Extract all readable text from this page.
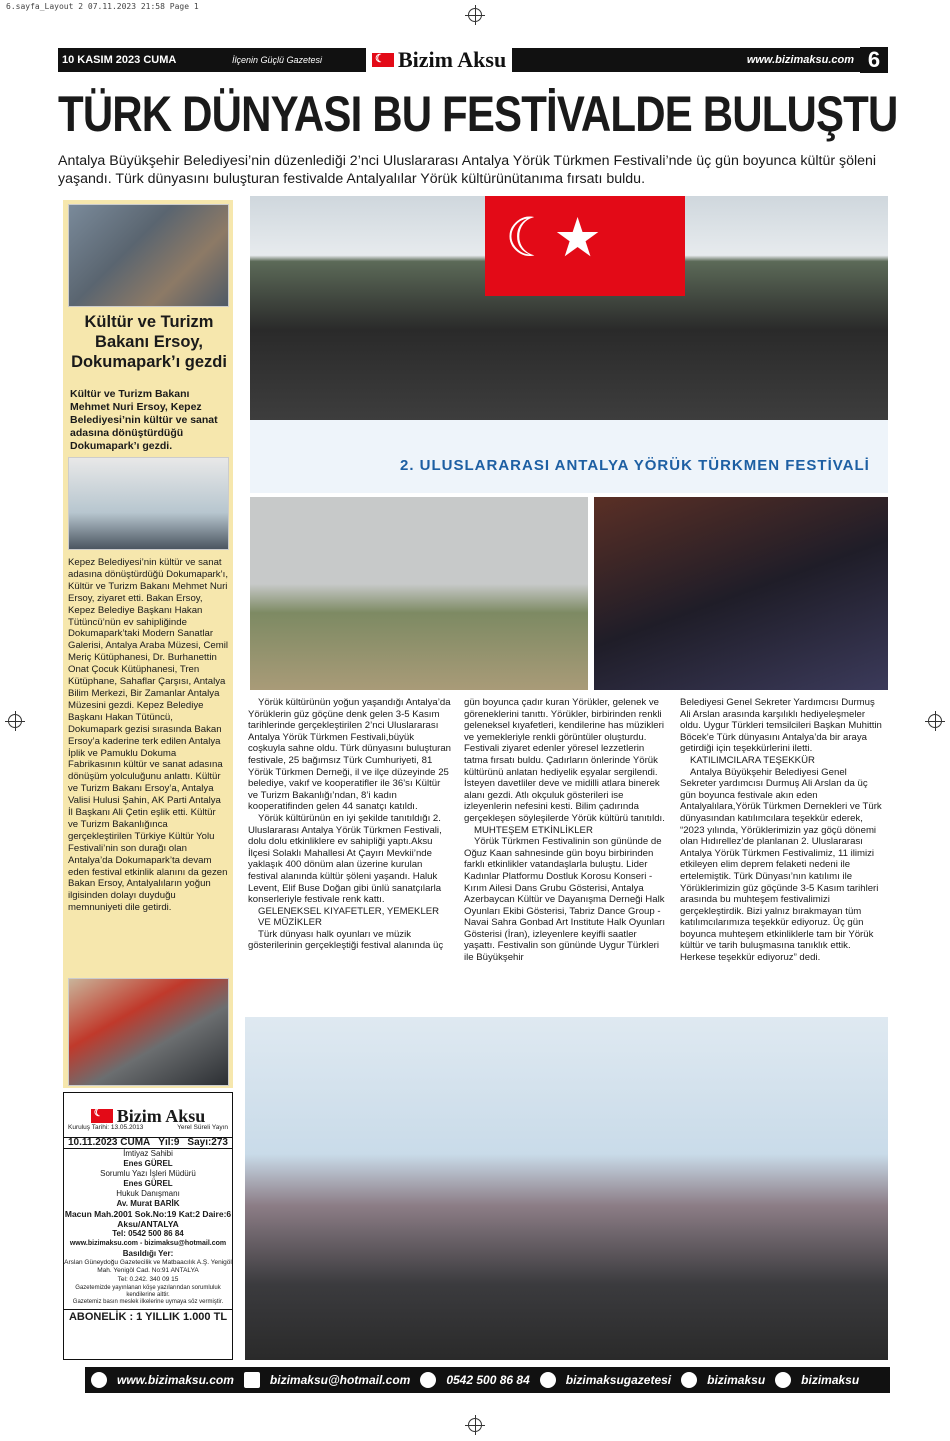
6.sayfa_Layout 2 07.11.2023 21:58 Page 1
10 KASIM 2023 CUMA	İlçenin Güçlü Gazetesi
☾	Bizim Aksu	www.bizimaksu.com 6
TÜRK DÜNYASI BU FESTİVALDE BULUŞTU
Antalya Büyükşehir Belediyesi’nin düzenlediği 2’nci Uluslararası Antalya Yörük Türkmen Festivali’nde üç gün boyunca kültür şöleni yaşandı. Türk dünyasını buluşturan festivalde Antalyalılar Yörük kültürünütanıma fırsatı buldu.
Kültür ve Turizm Bakanı Ersoy, Dokumapark’ı gezdi
Kültür ve Turizm Bakanı Mehmet Nuri Ersoy, Kepez Belediyesi’nin kültür ve sanat adasına dönüştürdüğü Dokumapark’ı gezdi.
Kepez Belediyesi’nin kültür ve sanat adasına dönüştürdüğü Dokumapark’ı, Kültür ve Turizm Bakanı Mehmet Nuri Ersoy, ziyaret etti. Bakan Ersoy, Kepez Belediye Başkanı Hakan Tütüncü’nün ev sahipliğinde Dokumapark’taki Modern Sanatlar Galerisi, Antalya Araba Müzesi, Cemil Meriç Kütüphanesi, Dr. Burhanettin Onat Çocuk Kütüphanesi, Tren Kütüphane, Sahaflar Çarşısı, Antalya Bilim Merkezi, Bir Zamanlar Antalya Müzesini gezdi. Kepez Belediye Başkanı Hakan Tütüncü, Dokumapark gezisi sırasında Bakan Ersoy’a kaderine terk edilen Antalya İplik ve Pamuklu Dokuma Fabrikasının kültür ve sanat adasına dönüşüm yolculuğunu anlattı. Kültür ve Turizm Bakanı Ersoy’a, Antalya Valisi Hulusi Şahin, AK Parti Antalya İl Başkanı Ali Çetin eşlik etti. Kültür ve Turizm Bakanlığınca gerçekleştirilen Türkiye Kültür Yolu Festivali’nin son durağı olan Antalya’da Dokumapark’ta devam eden festival etkinlik alanını da gezen Bakan Ersoy, Antalyalıların yoğun ilgisinden dolayı duyduğu memnuniyeti dile getirdi.
☾★
2. ULUSLARARASI ANTALYA YÖRÜK TÜRKMEN FESTİVALİ

Yörük kültürünün yoğun yaşandığı Antalya’da Yörüklerin güz göçüne denk gelen 3-5 Kasım tarihlerinde gerçekleştirilen 2’nci Uluslararası Antalya Yörük Türkmen Festivali,büyük coşkuyla sahne oldu. Türk dünyasını buluşturan festivale, 25 bağımsız Türk Cumhuriyeti, 81 Yörük Türkmen Derneği, il ve ilçe düzeyinde 25 belediye, vakıf ve kooperatifler ile 36’sı Kültür ve Turizm Bakanlığı’ndan, 8’i kadın kooperatifinden gelen 44 sanatçı katıldı.

Yörük kültürünün en iyi şekilde tanıtıldığı 2. Uluslararası Antalya Yörük Türkmen Festivali, dolu dolu etkinliklere ev sahipliği yaptı.Aksu İlçesi Solaklı Mahallesi At Çayırı Mevkii’nde yaklaşık 400 dönüm alan üzerine kurulan festival alanında kültür şöleni yaşandı. Haluk Levent, Elif Buse Doğan gibi ünlü sanatçılarla konserleriyle festivale renk kattı.

GELENEKSEL KIYAFETLER, YEMEKLER VE MÜZİKLER

Türk dünyası halk oyunları ve müzik gösterilerinin gerçekleştiği festival alanında üç

gün boyunca çadır kuran Yörükler, gelenek ve göreneklerini tanıttı. Yörükler, birbirinden renkli geleneksel kıyafetleri, kendilerine has müzikleri ve yemekleriyle renkli görüntüler oluşturdu. Festivali ziyaret edenler yöresel lezzetlerin tatma fırsatı buldu. Çadırların önlerinde Yörük kültürünü anlatan hediyelik eşyalar sergilendi. İsteyen davetliler deve ve midilli atlara binerek alanı gezdi. Atlı okçuluk gösterileri ise izleyenlerin nefesini kesti. Bilim çadırında gerçekleşen söyleşilerde Yörük kültürü tanıtıldı.

MUHTEŞEM ETKİNLİKLER

Yörük Türkmen Festivalinin son gününde de Oğuz Kaan sahnesinde gün boyu birbirinden farklı etkinlikler vatandaşlarla buluştu. Lider Kadınlar Platformu Dostluk Korosu Konseri - Kırım Ailesi Dans Grubu Gösterisi, Antalya Azerbaycan Kültür ve Dayanışma Derneği Halk Oyunları Ekibi Gösterisi, Tabriz Dance Group - Navai Sahra Gonbad Art Institute Halk Oyunları Gösterisi (İran), izleyenlere keyifli saatler yaşattı. Festivalin son gününde Uygur Türkleri ile Büyükşehir

Belediyesi Genel Sekreter Yardımcısı Durmuş Ali Arslan arasında karşılıklı hediyeleşmeler oldu. Uygur Türkleri temsilcileri Başkan Muhittin Böcek’e Türk dünyasını Antalya’da bir araya getirdiği için teşekkürlerini iletti.

KATILIMCILARA TEŞEKKÜR

Antalya Büyükşehir Belediyesi Genel Sekreter yardımcısı Durmuş Ali Arslan da üç gün boyunca festivale akın eden Antalyalılara,Yörük Türkmen Dernekleri ve Türk dünyasından katılımcılara teşekkür ederek, “2023 yılında, Yörüklerimizin yaz göçü dönemi olan Hıdırellez’de planlanan 2. Uluslararası Antalya Yörük Türkmen Festivalimiz, 11 ilimizi etkileyen elim deprem felaketi nedeni ile ertelemiştik. Türk Dünyası’nın katılımı ile Yörüklerimizin güz göçünde 3-5 Kasım tarihleri arasında bu muhteşem festivalimizi gerçekleştirdik. Bizi yalnız bırakmayan tüm katılımcılarımıza teşekkür ediyoruz. Üç gün boyunca muhteşem etkinliklerle tam bir Yörük kültür ve tarih buluşmasına tanıklık ettik. Herkese teşekkür ediyoruz” dedi.

☾
Bizim Aksu
Kuruluş Tarihi: 13.05.2013	Yerel Süreli Yayın
10.11.2023 CUMA Yıl:9 Sayı:273
İmtiyaz Sahibi
Enes GÜREL
Sorumlu Yazı İşleri Müdürü
Enes GÜREL
Hukuk Danışmanı
Av. Murat BARİK
Macun Mah.2001 Sok.No:19 Kat:2 Daire:6 Aksu/ANTALYA
Tel: 0542 500 86 84
www.bizimaksu.com - bizimaksu@hotmail.com
Basıldığı Yer:
Arslan Güneydoğu Gazetecilik ve Matbaacılık A.Ş. Yenigöl Mah. Yenigöl Cad. No:91 ANTALYA
Tel: 0.242. 340 09 15
Gazetemizde yayınlanan köşe yazılarından sorumluluk kendilerine aittir.
Gazetemiz basın meslek ilkelerine uymaya söz vermiştir.
ABONELİK : 1 YILLIK 1.000 TL
www.bizimaksu.com	bizimaksu@hotmail.com	0542 500 86 84	bizimaksugazetesi	bizimaksu	bizimaksu
